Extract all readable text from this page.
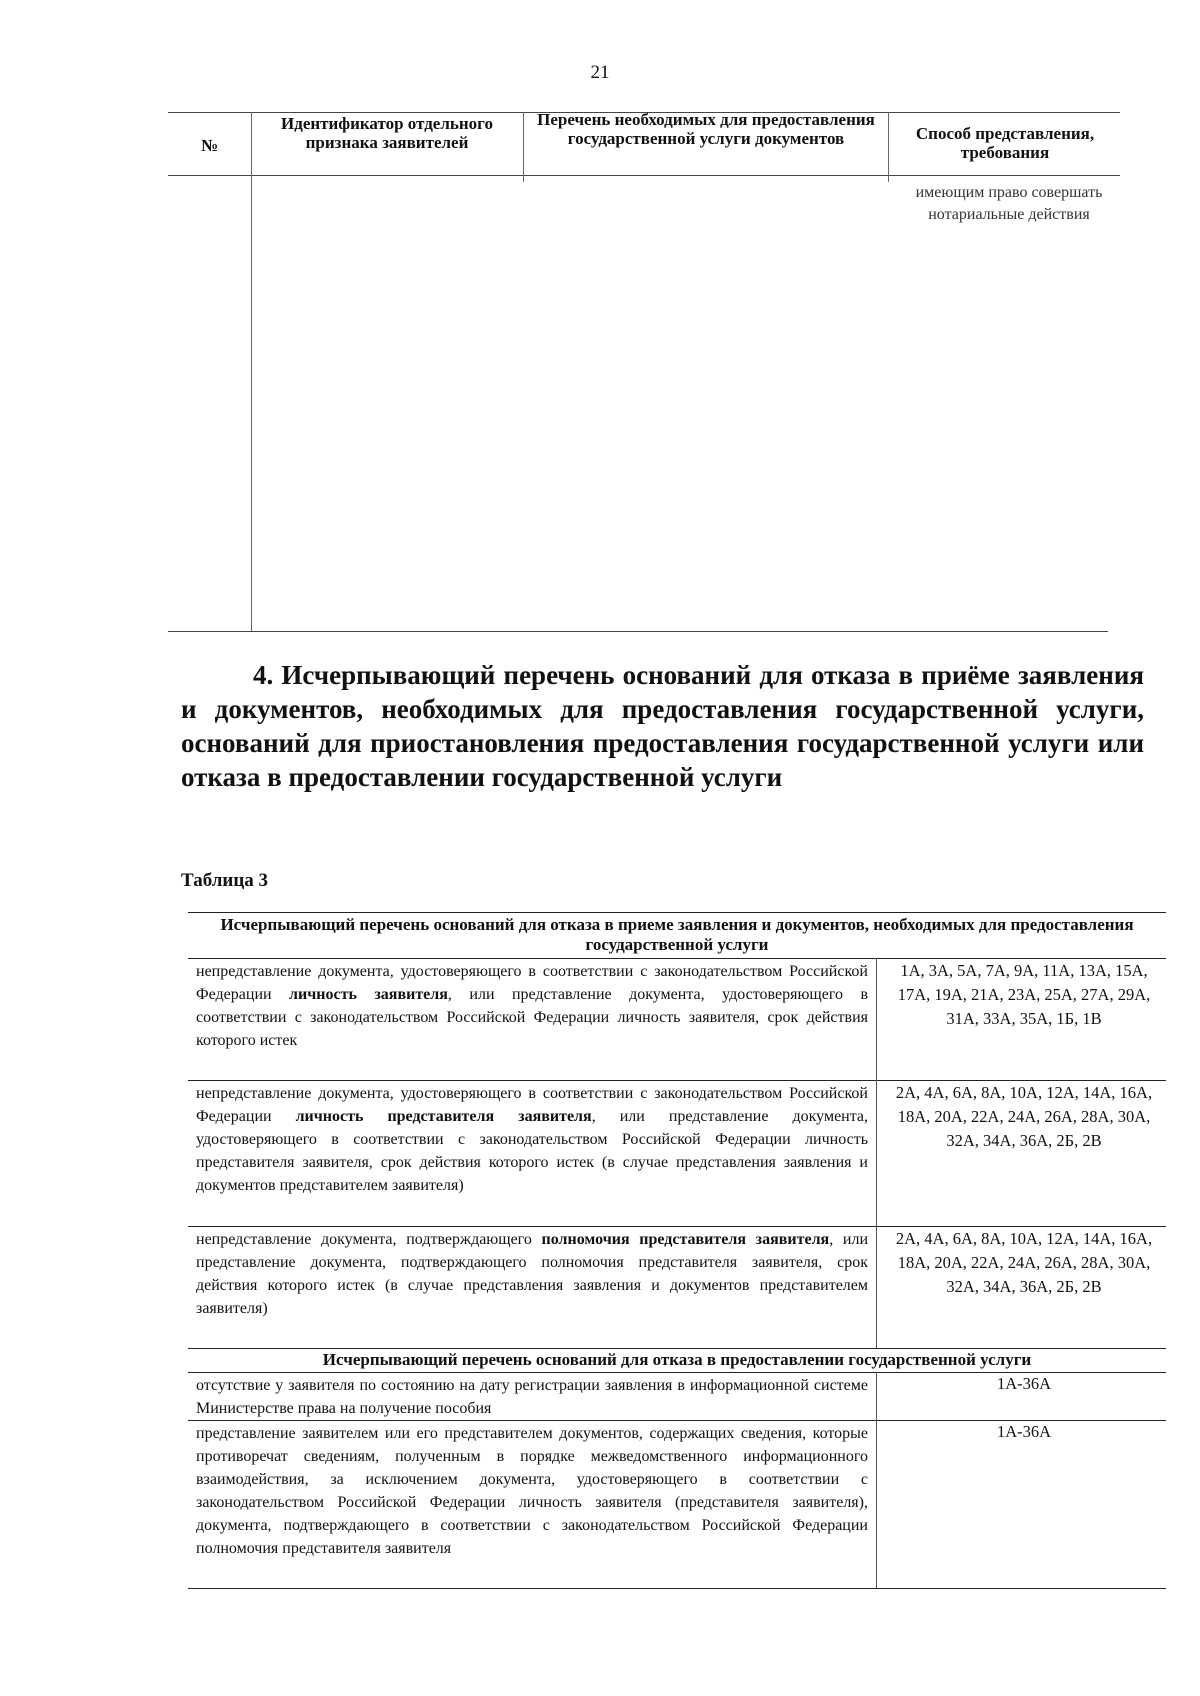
21
№
Идентификатор отдельного признака заявителей
Перечень необходимых для предоставления государственной услуги документов	Способ представления, требования
имеющим право совершать нотариальные действия
4. Исчерпывающий перечень оснований для отказа в приёме заявления и документов, необходимых для предоставления государственной услуги, оснований для приостановления предоставления государственной услуги или отказа в предоставлении государственной услуги
Таблица 3
Исчерпывающий перечень оснований для отказа в приеме заявления и документов, необходимых для предоставления государственной услуги
непредставление документа, удостоверяющего в соответствии с законодательством Российской Федерации личность заявителя, или представление документа, удостоверяющего в соответствии с законодательством Российской Федерации личность заявителя, срок действия которого истек
1А, 3А, 5А, 7А, 9А, 11А, 13А, 15А, 17А, 19А, 21А, 23А, 25А, 27А, 29А, 31А, 33А, 35А, 1Б, 1В
непредставление документа, удостоверяющего в соответствии с законодательством Российской Федерации личность представителя заявителя, или представление документа, удостоверяющего в соответствии с законодательством Российской Федерации личность представителя заявителя, срок действия которого истек (в случае представления заявления и документов представителем заявителя)
2А, 4А, 6А, 8А, 10А, 12А, 14А, 16А, 18А, 20А, 22А, 24А, 26А, 28А, 30А, 32А, 34А, 36А, 2Б, 2В
непредставление документа, подтверждающего полномочия представителя заявителя, или представление документа, подтверждающего полномочия представителя заявителя, срок действия которого истек (в случае представления заявления и документов представителем заявителя)
2А, 4А, 6А, 8А, 10А, 12А, 14А, 16А, 18А, 20А, 22А, 24А, 26А, 28А, 30А, 32А, 34А, 36А, 2Б, 2В
Исчерпывающий перечень оснований для отказа в предоставлении государственной услуги
отсутствие у заявителя по состоянию на дату регистрации заявления в информационной системе Министерстве права на получение пособия
1А-36А
представление заявителем или его представителем документов, содержащих сведения, которые противоречат сведениям, полученным в порядке межведомственного информационного взаимодействия, за исключением документа, удостоверяющего в соответствии с законодательством Российской Федерации личность заявителя (представителя заявителя), документа, подтверждающего в соответствии с законодательством Российской Федерации полномочия представителя заявителя
1А-36А
